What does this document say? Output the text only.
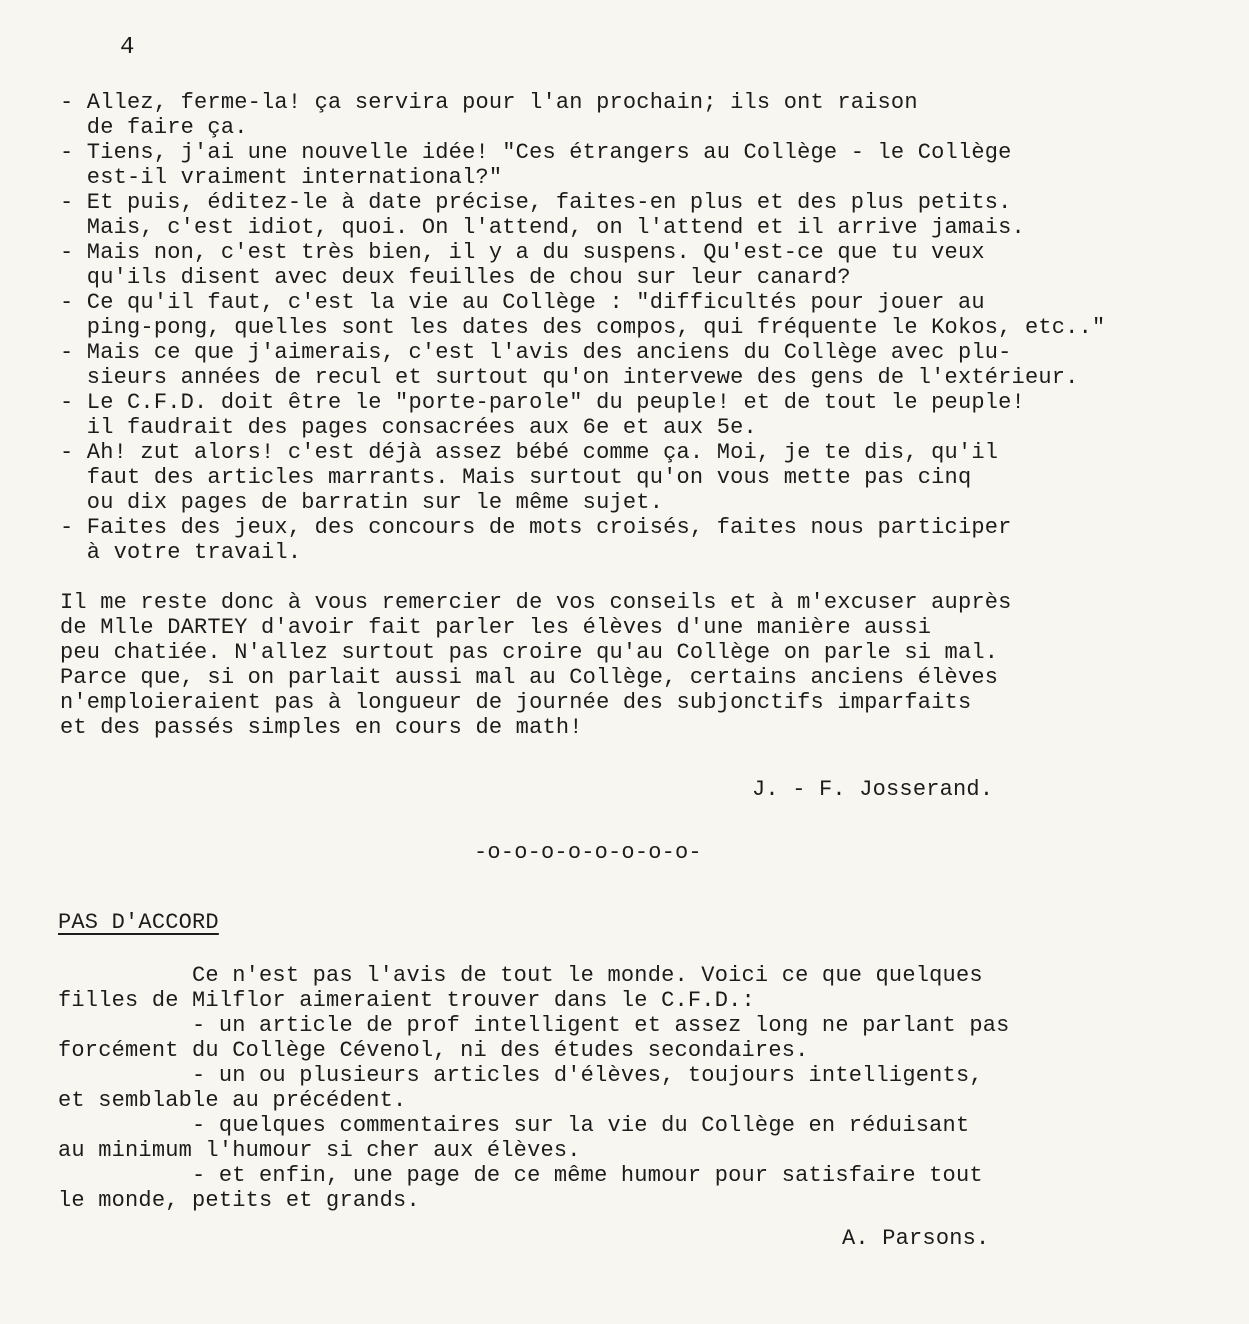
4
- Allez, ferme-la! ça servira pour l'an prochain; ils ont raison
de faire ça.
- Tiens, j'ai une nouvelle idée! "Ces étrangers au Collège - le Collège
est-il vraiment international?"
- Et puis, éditez-le à date précise, faites-en plus et des plus petits.
Mais, c'est idiot, quoi. On l'attend, on l'attend et il arrive jamais.
- Mais non, c'est très bien, il y a du suspens. Qu'est-ce que tu veux
qu'ils disent avec deux feuilles de chou sur leur canard?
- Ce qu'il faut, c'est la vie au Collège : "difficultés pour jouer au
ping-pong, quelles sont les dates des compos, qui fréquente le Kokos, etc.."
- Mais ce que j'aimerais, c'est l'avis des anciens du Collège avec plu-
sieurs années de recul et surtout qu'on intervewe des gens de l'extérieur.
- Le C.F.D. doit être le "porte-parole" du peuple! et de tout le peuple!
il faudrait des pages consacrées aux 6e et aux 5e.
- Ah! zut alors! c'est déjà assez bébé comme ça. Moi, je te dis, qu'il
faut des articles marrants. Mais surtout qu'on vous mette pas cinq
ou dix pages de barratin sur le même sujet.
- Faites des jeux, des concours de mots croisés, faites nous participer
à votre travail.
Il me reste donc à vous remercier de vos conseils et à m'excuser auprès
de Mlle DARTEY d'avoir fait parler les élèves d'une manière aussi
peu chatiée. N'allez surtout pas croire qu'au Collège on parle si mal.
Parce que, si on parlait aussi mal au Collège, certains anciens élèves
n'emploieraient pas à longueur de journée des subjonctifs imparfaits
et des passés simples en cours de math!
J. - F. Josserand.
-o-o-o-o-o-o-o-o-
PAS D'ACCORD
Ce n'est pas l'avis de tout le monde. Voici ce que quelques
filles de Milflor aimeraient trouver dans le C.F.D.:
- un article de prof intelligent et assez long ne parlant pas
forcément du Collège Cévenol, ni des études secondaires.
- un ou plusieurs articles d'élèves, toujours intelligents,
et semblable au précédent.
- quelques commentaires sur la vie du Collège en réduisant
au minimum l'humour si cher aux élèves.
- et enfin, une page de ce même humour pour satisfaire tout
le monde, petits et grands.
A. Parsons.
